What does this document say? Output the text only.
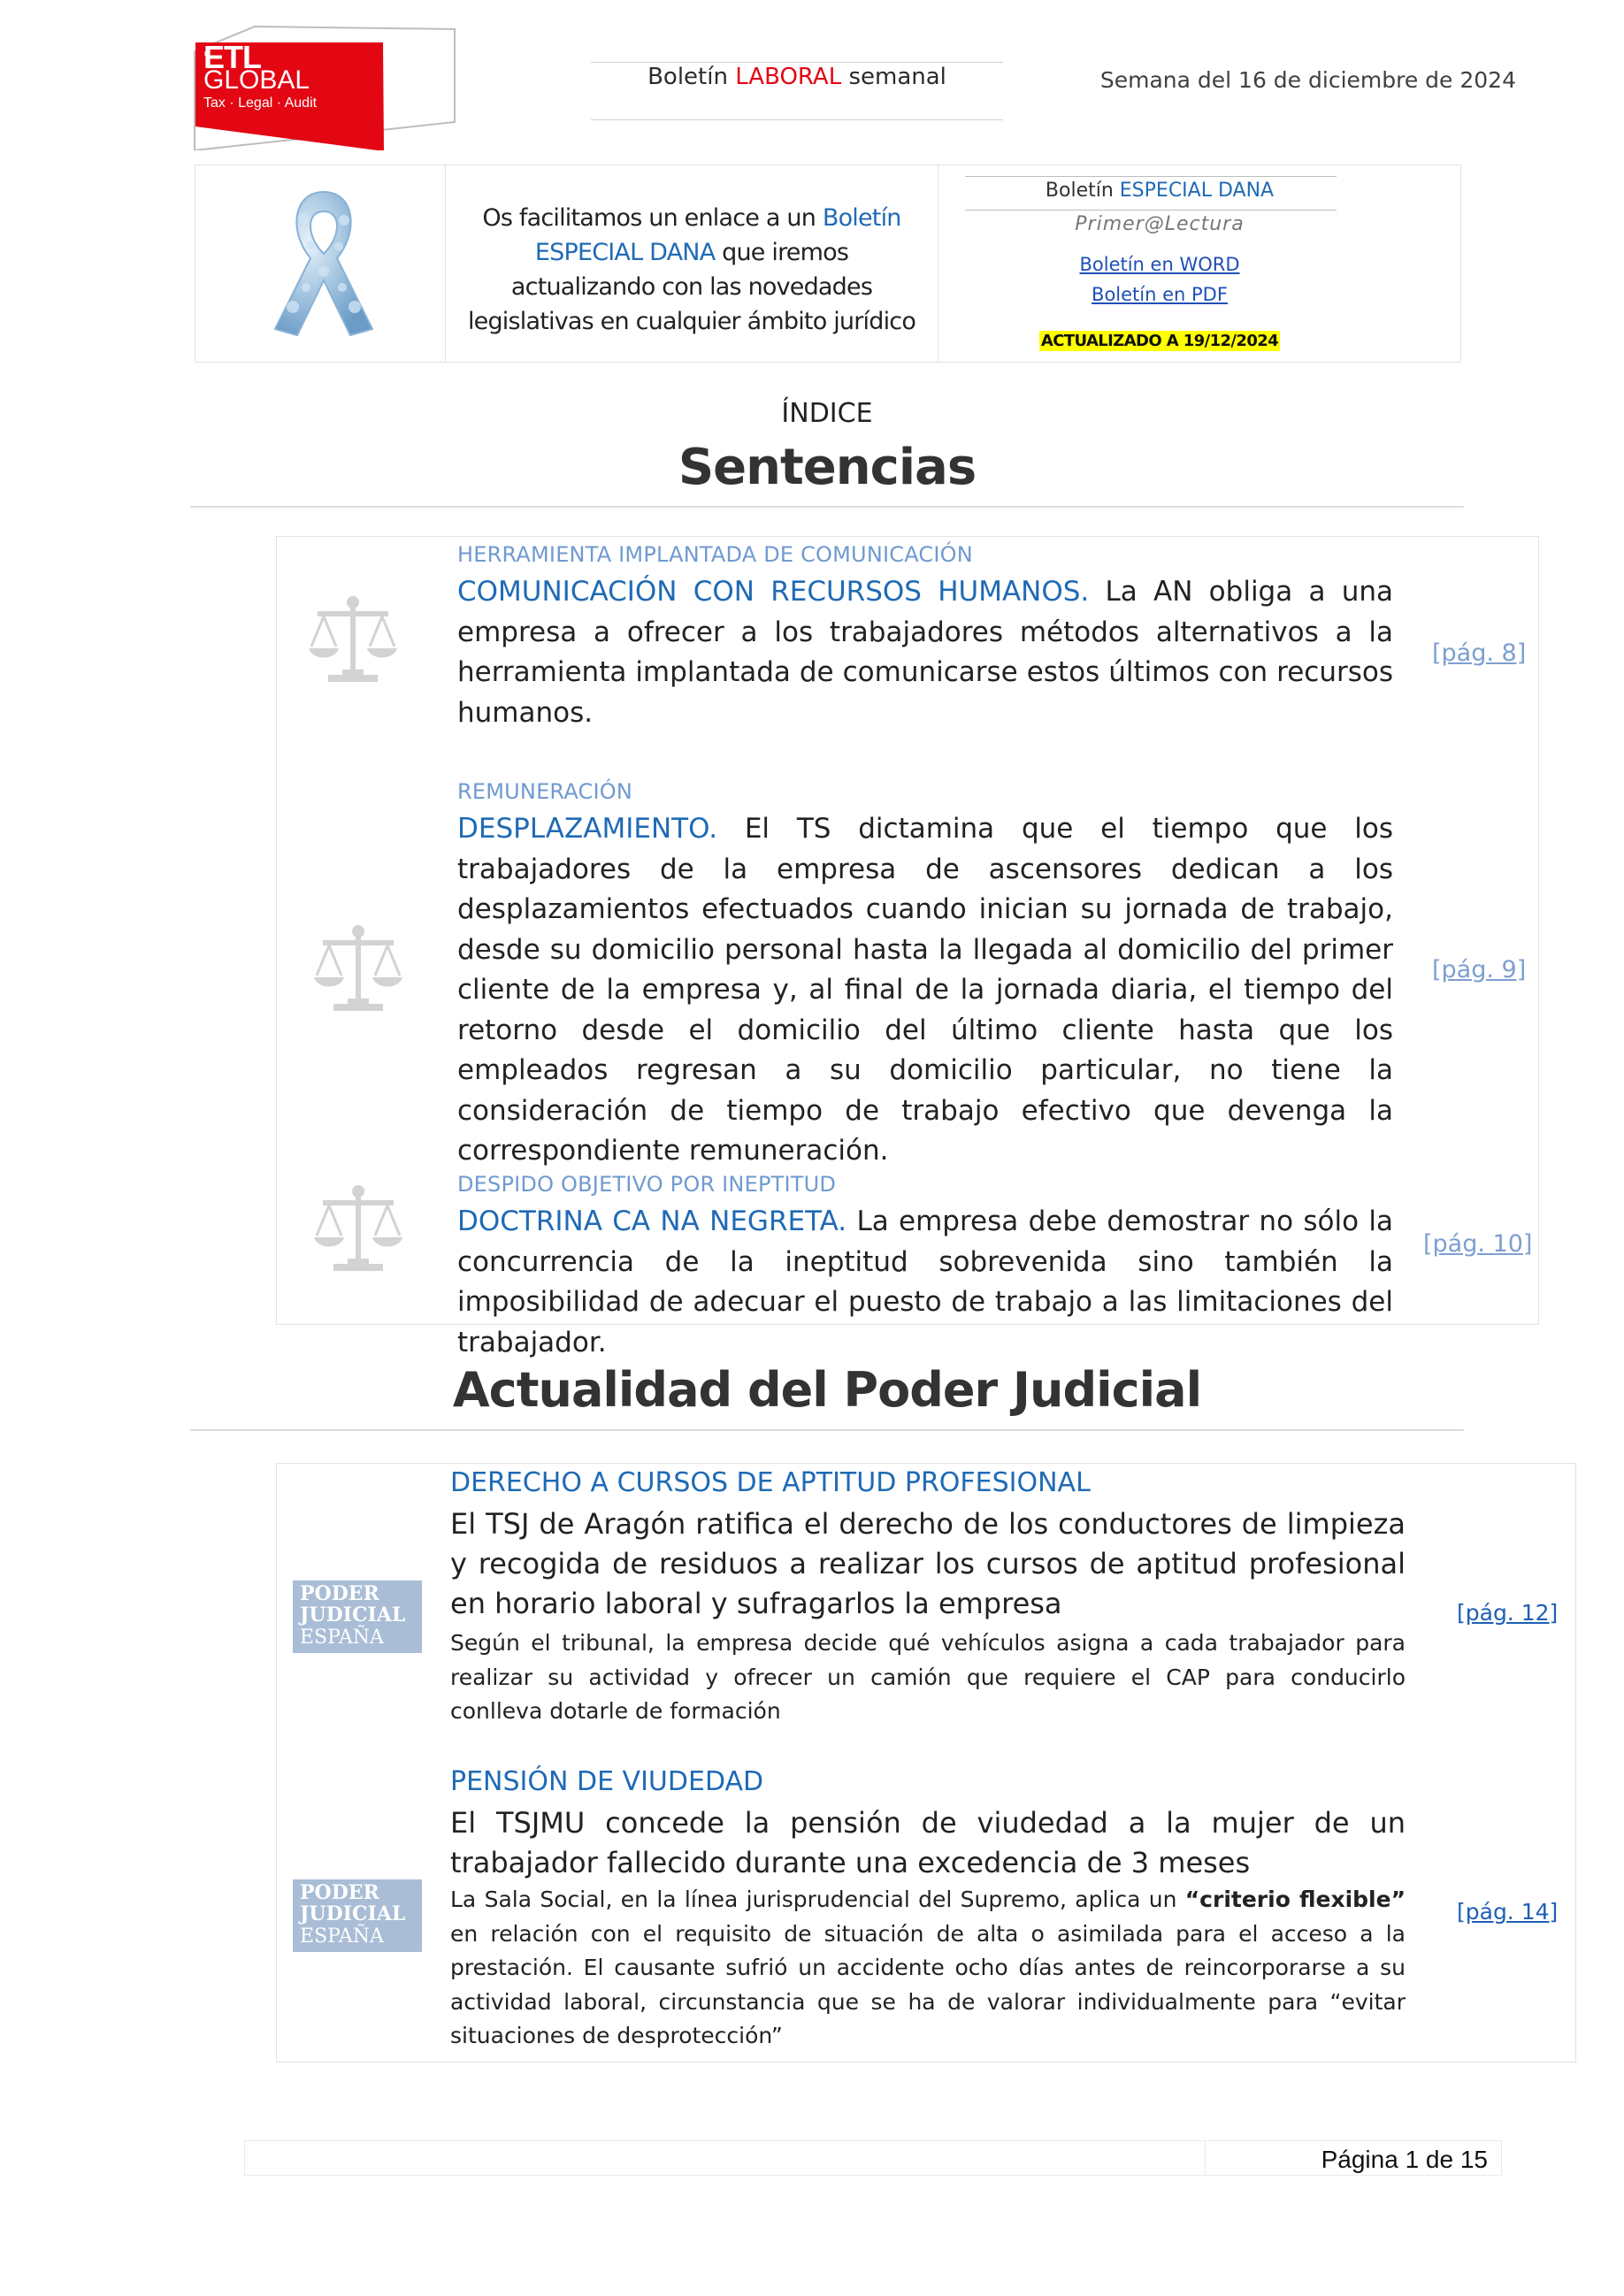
ETL
GLOBAL
Tax · Legal · Audit
Boletín LABORAL semanal	Semana del 16 de diciembre de 2024
Os facilitamos un enlace a un Boletín ESPECIAL DANA que iremos actualizando con las novedades legislativas en cualquier ámbito jurídico
Boletín ESPECIAL DANA
Primer@Lectura
Boletín en WORD
Boletín en PDF
ACTUALIZADO A 19/12/2024
ÍNDICE
Sentencias
HERRAMIENTA IMPLANTADA DE COMUNICACIÓN
COMUNICACIÓN CON RECURSOS HUMANOS. La AN obliga a una empresa a ofrecer a los trabajadores métodos alternativos a la herramienta implantada de comunicarse estos últimos con recursos humanos.
[pág. 8]
REMUNERACIÓN
DESPLAZAMIENTO. El TS dictamina que el tiempo que los trabajadores de la empresa de ascensores dedican a los desplazamientos efectuados cuando inician su jornada de trabajo, desde su domicilio personal hasta la llegada al domicilio del primer cliente de la empresa y, al final de la jornada diaria, el tiempo del retorno desde el domicilio del último cliente hasta que los empleados regresan a su domicilio particular, no tiene la consideración de tiempo de trabajo efectivo que devenga la correspondiente remuneración.
[pág. 9]
DESPIDO OBJETIVO POR INEPTITUD
DOCTRINA CA NA NEGRETA. La empresa debe demostrar no sólo la concurrencia de la ineptitud sobrevenida sino también la imposibilidad de adecuar el puesto de trabajo a las limitaciones del trabajador.
[pág. 10]
Actualidad del Poder Judicial
PODER
JUDICIAL
ESPAÑA
DERECHO A CURSOS DE APTITUD PROFESIONAL
El TSJ de Aragón ratifica el derecho de los conductores de limpieza y recogida de residuos a realizar los cursos de aptitud profesional en horario laboral y sufragarlos la empresa
Según el tribunal, la empresa decide qué vehículos asigna a cada trabajador para realizar su actividad y ofrecer un camión que requiere el CAP para conducirlo conlleva dotarle de formación
[pág. 12]
PODER
JUDICIAL
ESPAÑA
PENSIÓN DE VIUDEDAD
El TSJMU concede la pensión de viudedad a la mujer de un trabajador fallecido durante una excedencia de 3 meses
La Sala Social, en la línea jurisprudencial del Supremo, aplica un “criterio flexible” en relación con el requisito de situación de alta o asimilada para el acceso a la prestación. El causante sufrió un accidente ocho días antes de reincorporarse a su actividad laboral, circunstancia que se ha de valorar individualmente para “evitar situaciones de desprotección”
[pág. 14]
Página 1 de 15
